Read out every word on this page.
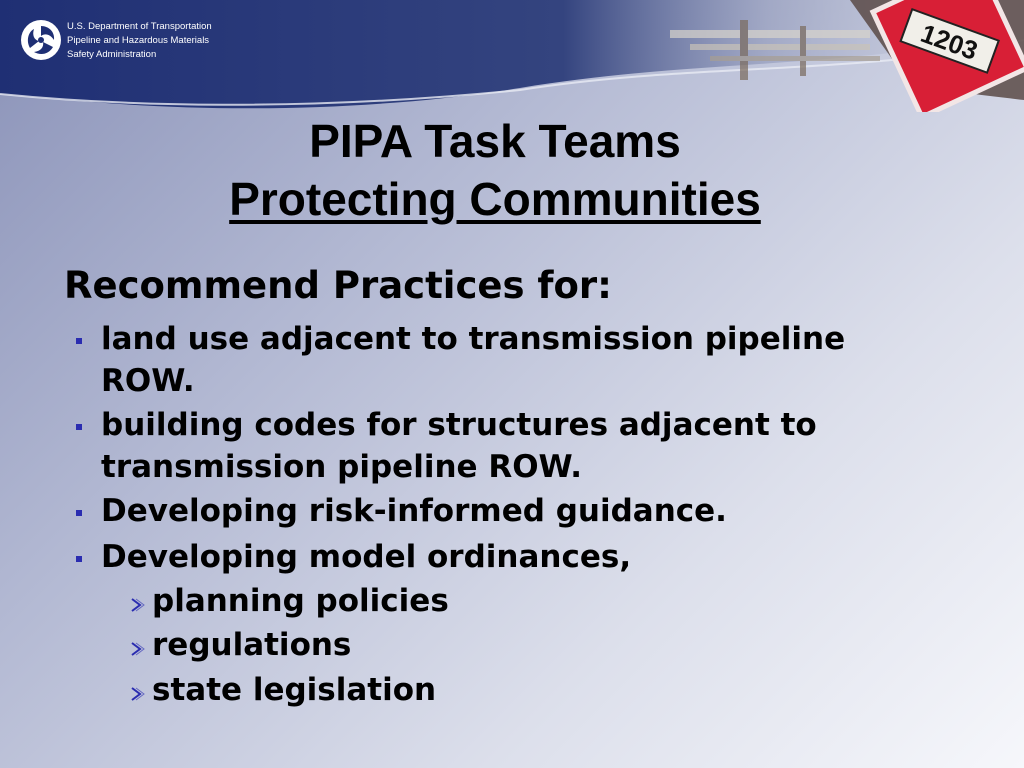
U.S. Department of Transportation
Pipeline and Hazardous Materials
Safety Administration	1203
PIPA Task Teams
Protecting Communities
Recommend Practices for:
land use adjacent to transmission pipeline ROW.
building codes for structures adjacent to transmission pipeline ROW.
Developing risk-informed guidance.
Developing model ordinances,
planning policies
regulations
state legislation
